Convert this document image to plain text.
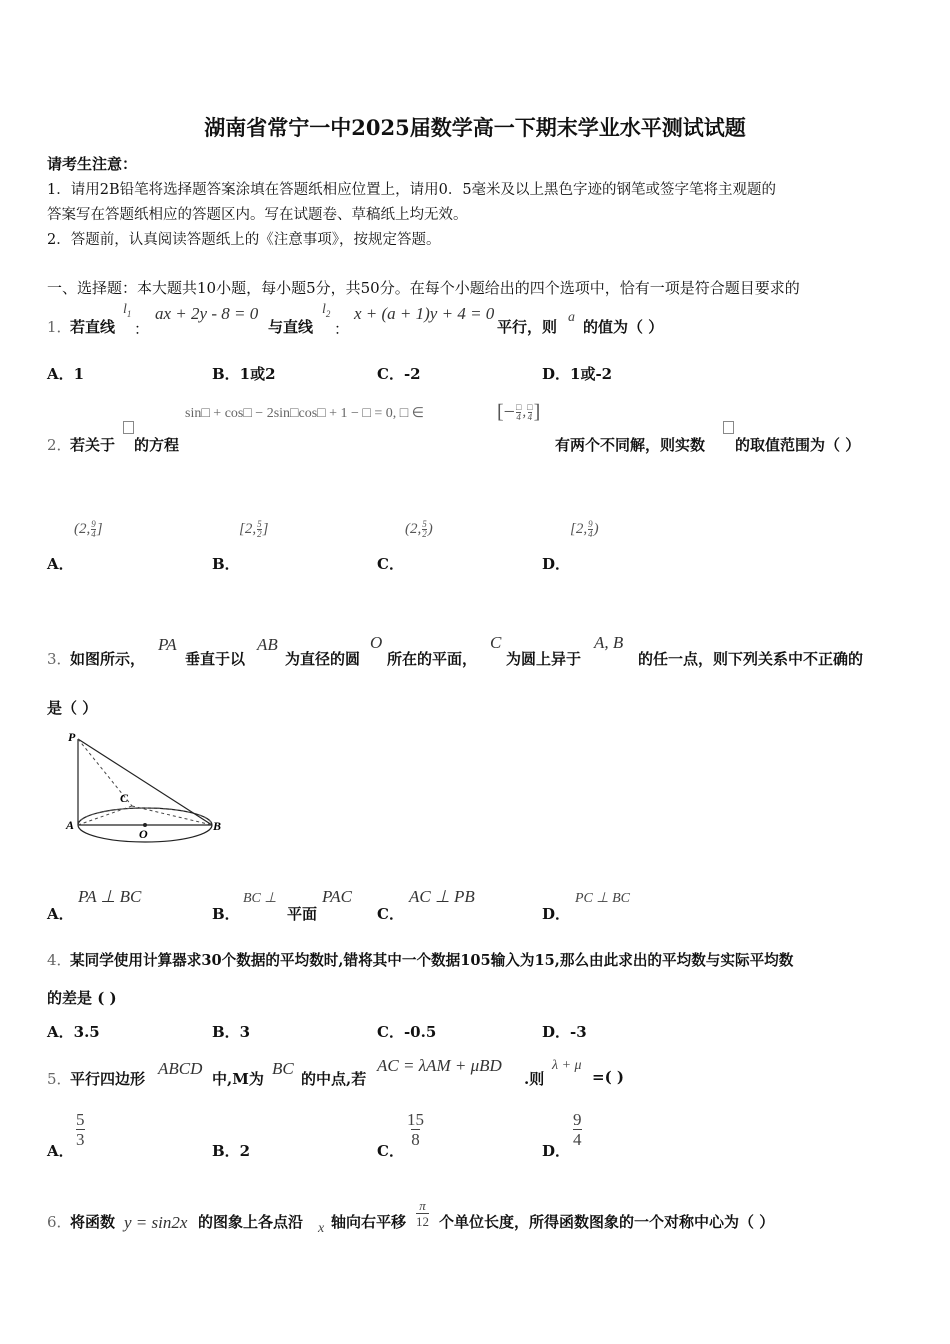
湖南省常宁一中2025届数学高一下期末学业水平测试试题
请考生注意：
1．请用2B铅笔将选择题答案涂填在答题纸相应位置上，请用0．5毫米及以上黑色字迹的钢笔或签字笔将主观题的
答案写在答题纸相应的答题区内。写在试题卷、草稿纸上均无效。
2．答题前，认真阅读答题纸上的《注意事项》，按规定答题。
一、选择题：本大题共10小题，每小题5分，共50分。在每个小题给出的四个选项中，恰有一项是符合题目要求的
1．
若直线
$l_1$
：
ax + 2y - 8 = 0
与直线
$l_2$
：
x + (a + 1)y + 4 = 0
平行，则
a
的值为（ ）
A．1	B．1或2	C．-2	D．1或-2
sin□ + cos□ − 2sin□cos□ + 1 − □ = 0, □ ∈	[− □
4 , □
4 ]
2．
若关于 的方程	有两个不同解，则实数 的取值范围为（ ）
A．
(2, 9
4 ]
B．
[2, 5
2 ]
C．
(2, 5
2 )
D．
[2, 9
4 )
3．
如图所示，
PA
垂直于以
AB
为直径的圆
O
所在的平面，
C
为圆上异于
A, B
的任一点，则下列关系中不正确的
是（ ）
P
A	B
C
O
A．
PA ⊥ BC
B．
BC ⊥
平面
PAC
C．
AC ⊥ PB
D．
PC ⊥ BC
4．
某同学使用计算器求30个数据的平均数时,错将其中一个数据105输入为15,那么由此求出的平均数与实际平均数
的差是 ( )
A．3.5	B．3	C．-0.5	D．-3
5．
平行四边形
ABCD
中,M为
BC
的中点,若
AC = λAM + μBD
.则
λ + μ
=( )
A．
$\frac{5}{3}$
B．2	C．
$\frac{15}{8}$
D．
$\frac{9}{4}$
6．
将函数 y = sin2x 的图象上各点沿 x 轴向右平移 $\frac{\pi}{12}$ 个单位长度，所得函数图象的一个对称中心为（ ）
